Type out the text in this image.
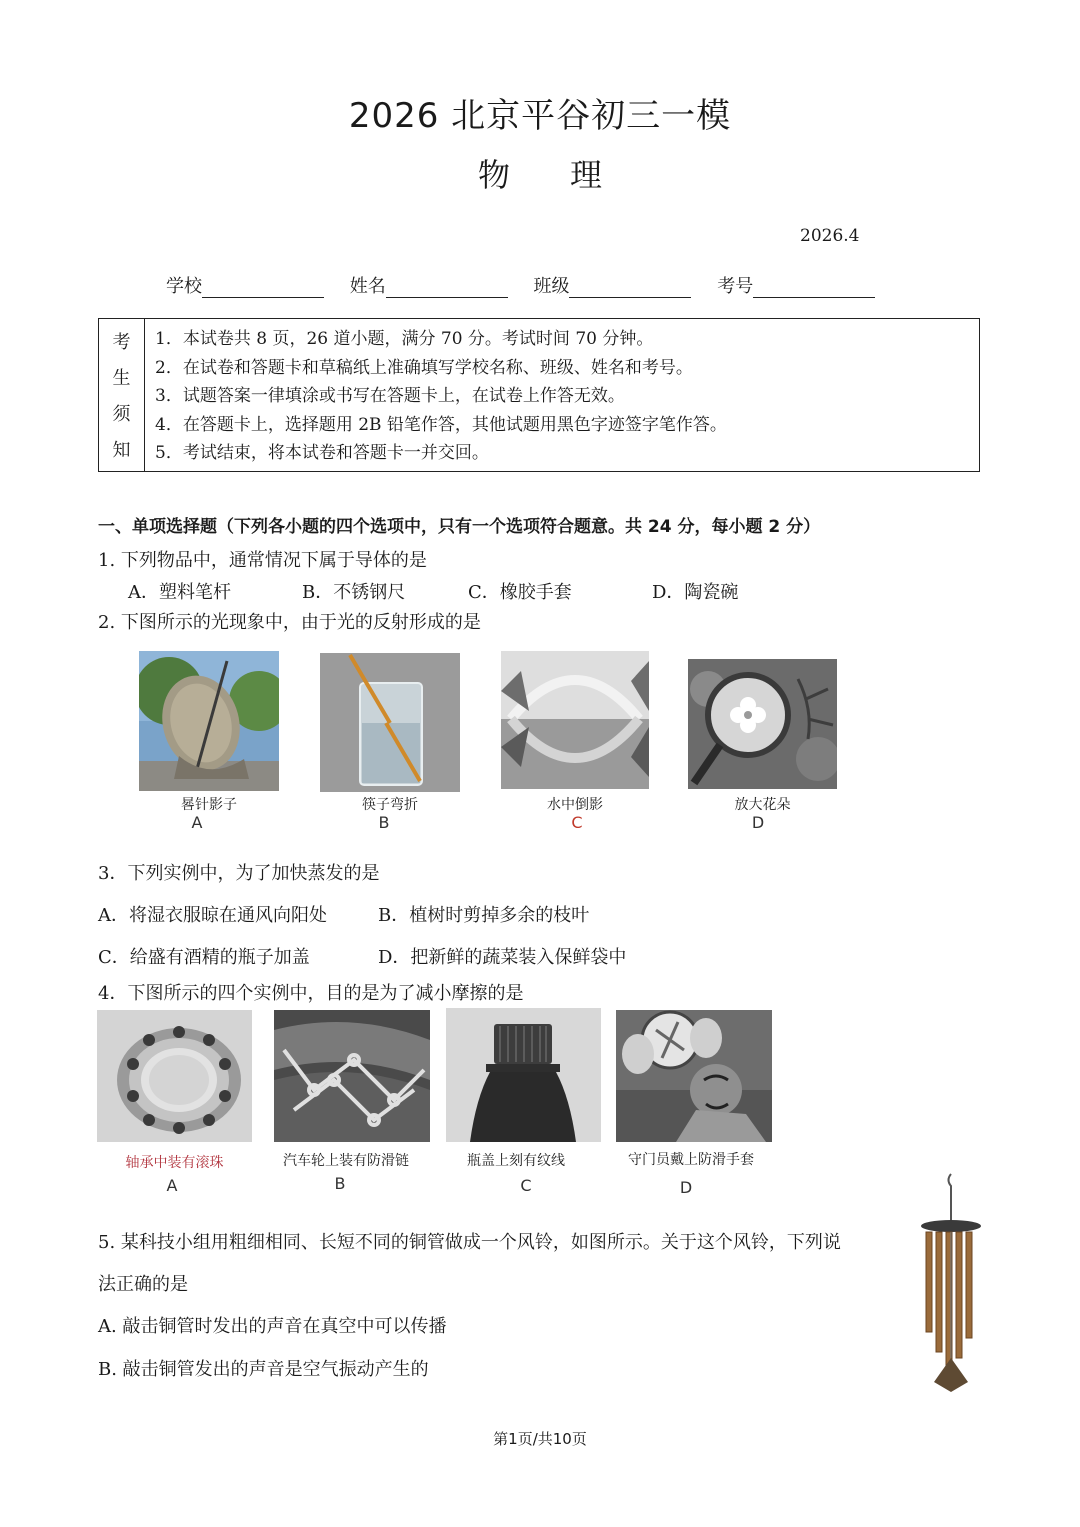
2026 北京平谷初三一模
物 理
2026.4
学校	姓名	班级	考号
考
生
须
知
1．本试卷共 8 页，26 道小题，满分 70 分。考试时间 70 分钟。
2．在试卷和答题卡和草稿纸上准确填写学校名称、班级、姓名和考号。
3．试题答案一律填涂或书写在答题卡上，在试卷上作答无效。
4．在答题卡上，选择题用 2B 铅笔作答，其他试题用黑色字迹签字笔作答。
5．考试结束，将本试卷和答题卡一并交回。
一、单项选择题（下列各小题的四个选项中，只有一个选项符合题意。共 24 分，每小题 2 分）
1. 下列物品中，通常情况下属于导体的是
A．塑料笔杆	B．不锈钢尺	C．橡胶手套	D．陶瓷碗
2. 下图所示的光现象中，由于光的反射形成的是
晷针影子
A
筷子弯折
B
水中倒影
C
放大花朵
D
3．下列实例中，为了加快蒸发的是
A．将湿衣服晾在通风向阳处	B．植树时剪掉多余的枝叶
C．给盛有酒精的瓶子加盖	D．把新鲜的蔬菜装入保鲜袋中
4．下图所示的四个实例中，目的是为了减小摩擦的是
轴承中装有滚珠
A
汽车轮上装有防滑链
B
瓶盖上刻有纹线
C
守门员戴上防滑手套
D
5. 某科技小组用粗细相同、长短不同的铜管做成一个风铃，如图所示。关于这个风铃，下列说
法正确的是
A. 敲击铜管时发出的声音在真空中可以传播
B. 敲击铜管发出的声音是空气振动产生的
第1页/共10页
